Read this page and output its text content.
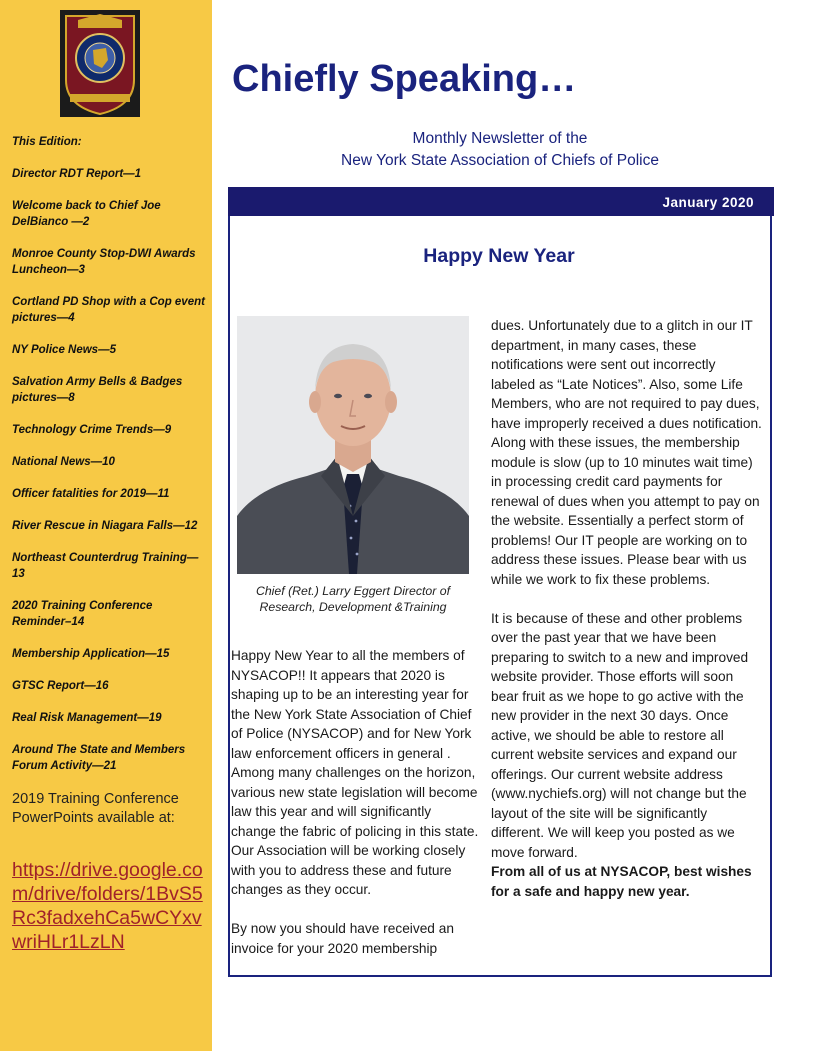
This Edition:

Director RDT Report—1

Welcome back to Chief Joe DelBianco —2

Monroe County Stop-DWI Awards Luncheon—3

Cortland PD Shop with a Cop event pictures—4

NY Police News—5

Salvation Army Bells & Badges pictures—8

Technology Crime Trends—9

National News—10

Officer fatalities for 2019—11

River Rescue in Niagara Falls—12

Northeast Counterdrug Training—13

2020 Training Conference Reminder–14

Membership Application—15

GTSC Report—16

Real Risk Management—19

Around The State and Members Forum Activity—21

2019 Training Conference PowerPoints available at:
https://drive.google.com/drive/folders/1BvS5Rc3fadxehCa5wCYxvwriHLr1LzLN
Chiefly Speaking…
Monthly Newsletter of the
New York State Association of Chiefs of Police
January 2020
Happy New Year
Chief (Ret.) Larry Eggert Director of Research, Development &Training

Happy New Year to all the members of NYSACOP!! It appears that 2020 is shaping up to be an interesting year for the New York State Association of Chief of Police (NYSACOP) and for New York law enforcement officers in general . Among many challenges on the horizon, various new state legislation will become law this year and will significantly change the fabric of policing in this state. Our Association will be working closely with you to address these and future changes as they occur.

By now you should have received an invoice for your 2020 membership

dues. Unfortunately due to a glitch in our IT department, in many cases, these notifications were sent out incorrectly labeled as “Late Notices”. Also, some Life Members, who are not required to pay dues, have improperly received a dues notification. Along with these issues, the membership module is slow (up to 10 minutes wait time) in processing credit card payments for renewal of dues when you attempt to pay on the website. Essentially a perfect storm of problems! Our IT people are working on to address these issues. Please bear with us while we work to fix these problems.

It is because of these and other problems over the past year that we have been preparing to switch to a new and improved website provider. Those efforts will soon bear fruit as we hope to go active with the new provider in the next 30 days. Once active, we should be able to restore all current website services and expand our offerings. Our current website address (www.nychiefs.org) will not change but the layout of the site will be significantly different. We will keep you posted as we move forward.

From all of us at NYSACOP, best wishes for a safe and happy new year.
